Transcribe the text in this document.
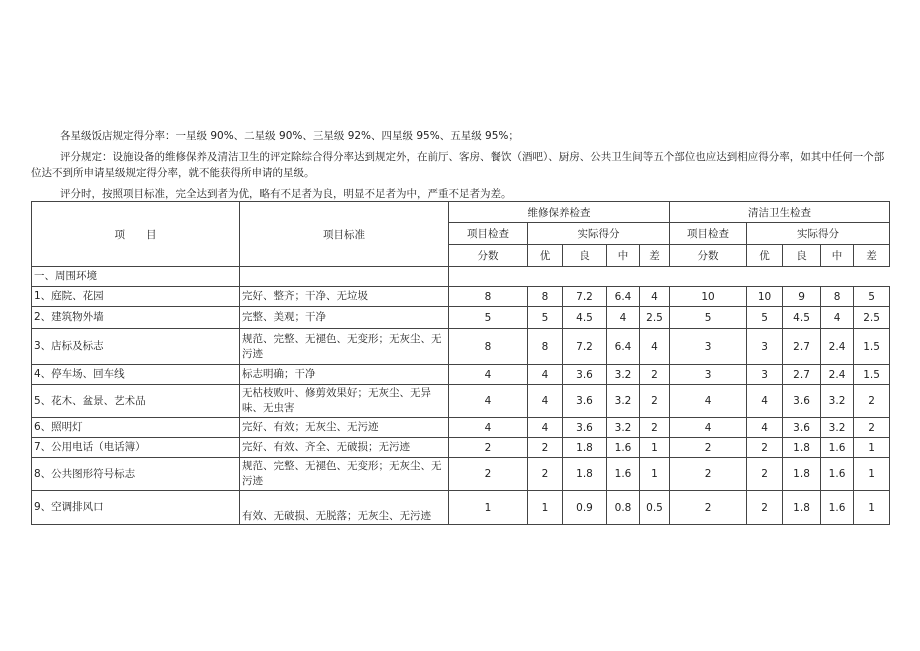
各星级饭店规定得分率：一星级 90%、二星级 90%、三星级 92%、四星级 95%、五星级 95%；

评分规定：设施设备的维修保养及清洁卫生的评定除综合得分率达到规定外，在前厅、客房、餐饮（酒吧）、厨房、公共卫生间等五个部位也应达到相应得分率，如其中任何一个部位达不到所申请星级规定得分率，就不能获得所申请的星级。

评分时，按照项目标准，完全达到者为优，略有不足者为良，明显不足者为中，严重不足者为差。

项　　目	项目标准	维修保养检查					清洁卫生检查				
		项目检查	实际得分				项目检查	实际得分			
		分数	优	良	中	差	分数	优	良	中	差
一、周围环境											
1、庭院、花园	完好、整齐；干净、无垃圾	8	8	7.2	6.4	4	10	10	9	8	5
2、建筑物外墙	完整、美观；干净	5	5	4.5	4	2.5	5	5	4.5	4	2.5
3、店标及标志	规范、完整、无褪色、无变形；无灰尘、无污迹	8	8	7.2	6.4	4	3	3	2.7	2.4	1.5
4、停车场、回车线	标志明确；干净	4	4	3.6	3.2	2	3	3	2.7	2.4	1.5
5、花木、盆景、艺术品	无枯枝败叶、修剪效果好；无灰尘、无异味、无虫害	4	4	3.6	3.2	2	4	4	3.6	3.2	2
6、照明灯	完好、有效；无灰尘、无污迹	4	4	3.6	3.2	2	4	4	3.6	3.2	2
7、公用电话（电话簿）	完好、有效、齐全、无破损；无污迹	2	2	1.8	1.6	1	2	2	1.8	1.6	1
8、公共图形符号标志	规范、完整、无褪色、无变形；无灰尘、无污迹	2	2	1.8	1.6	1	2	2	1.8	1.6	1
9、空调排风口	有效、无破损、无脱落；无灰尘、无污迹	1	1	0.9	0.8	0.5	2	2	1.8	1.6	1
